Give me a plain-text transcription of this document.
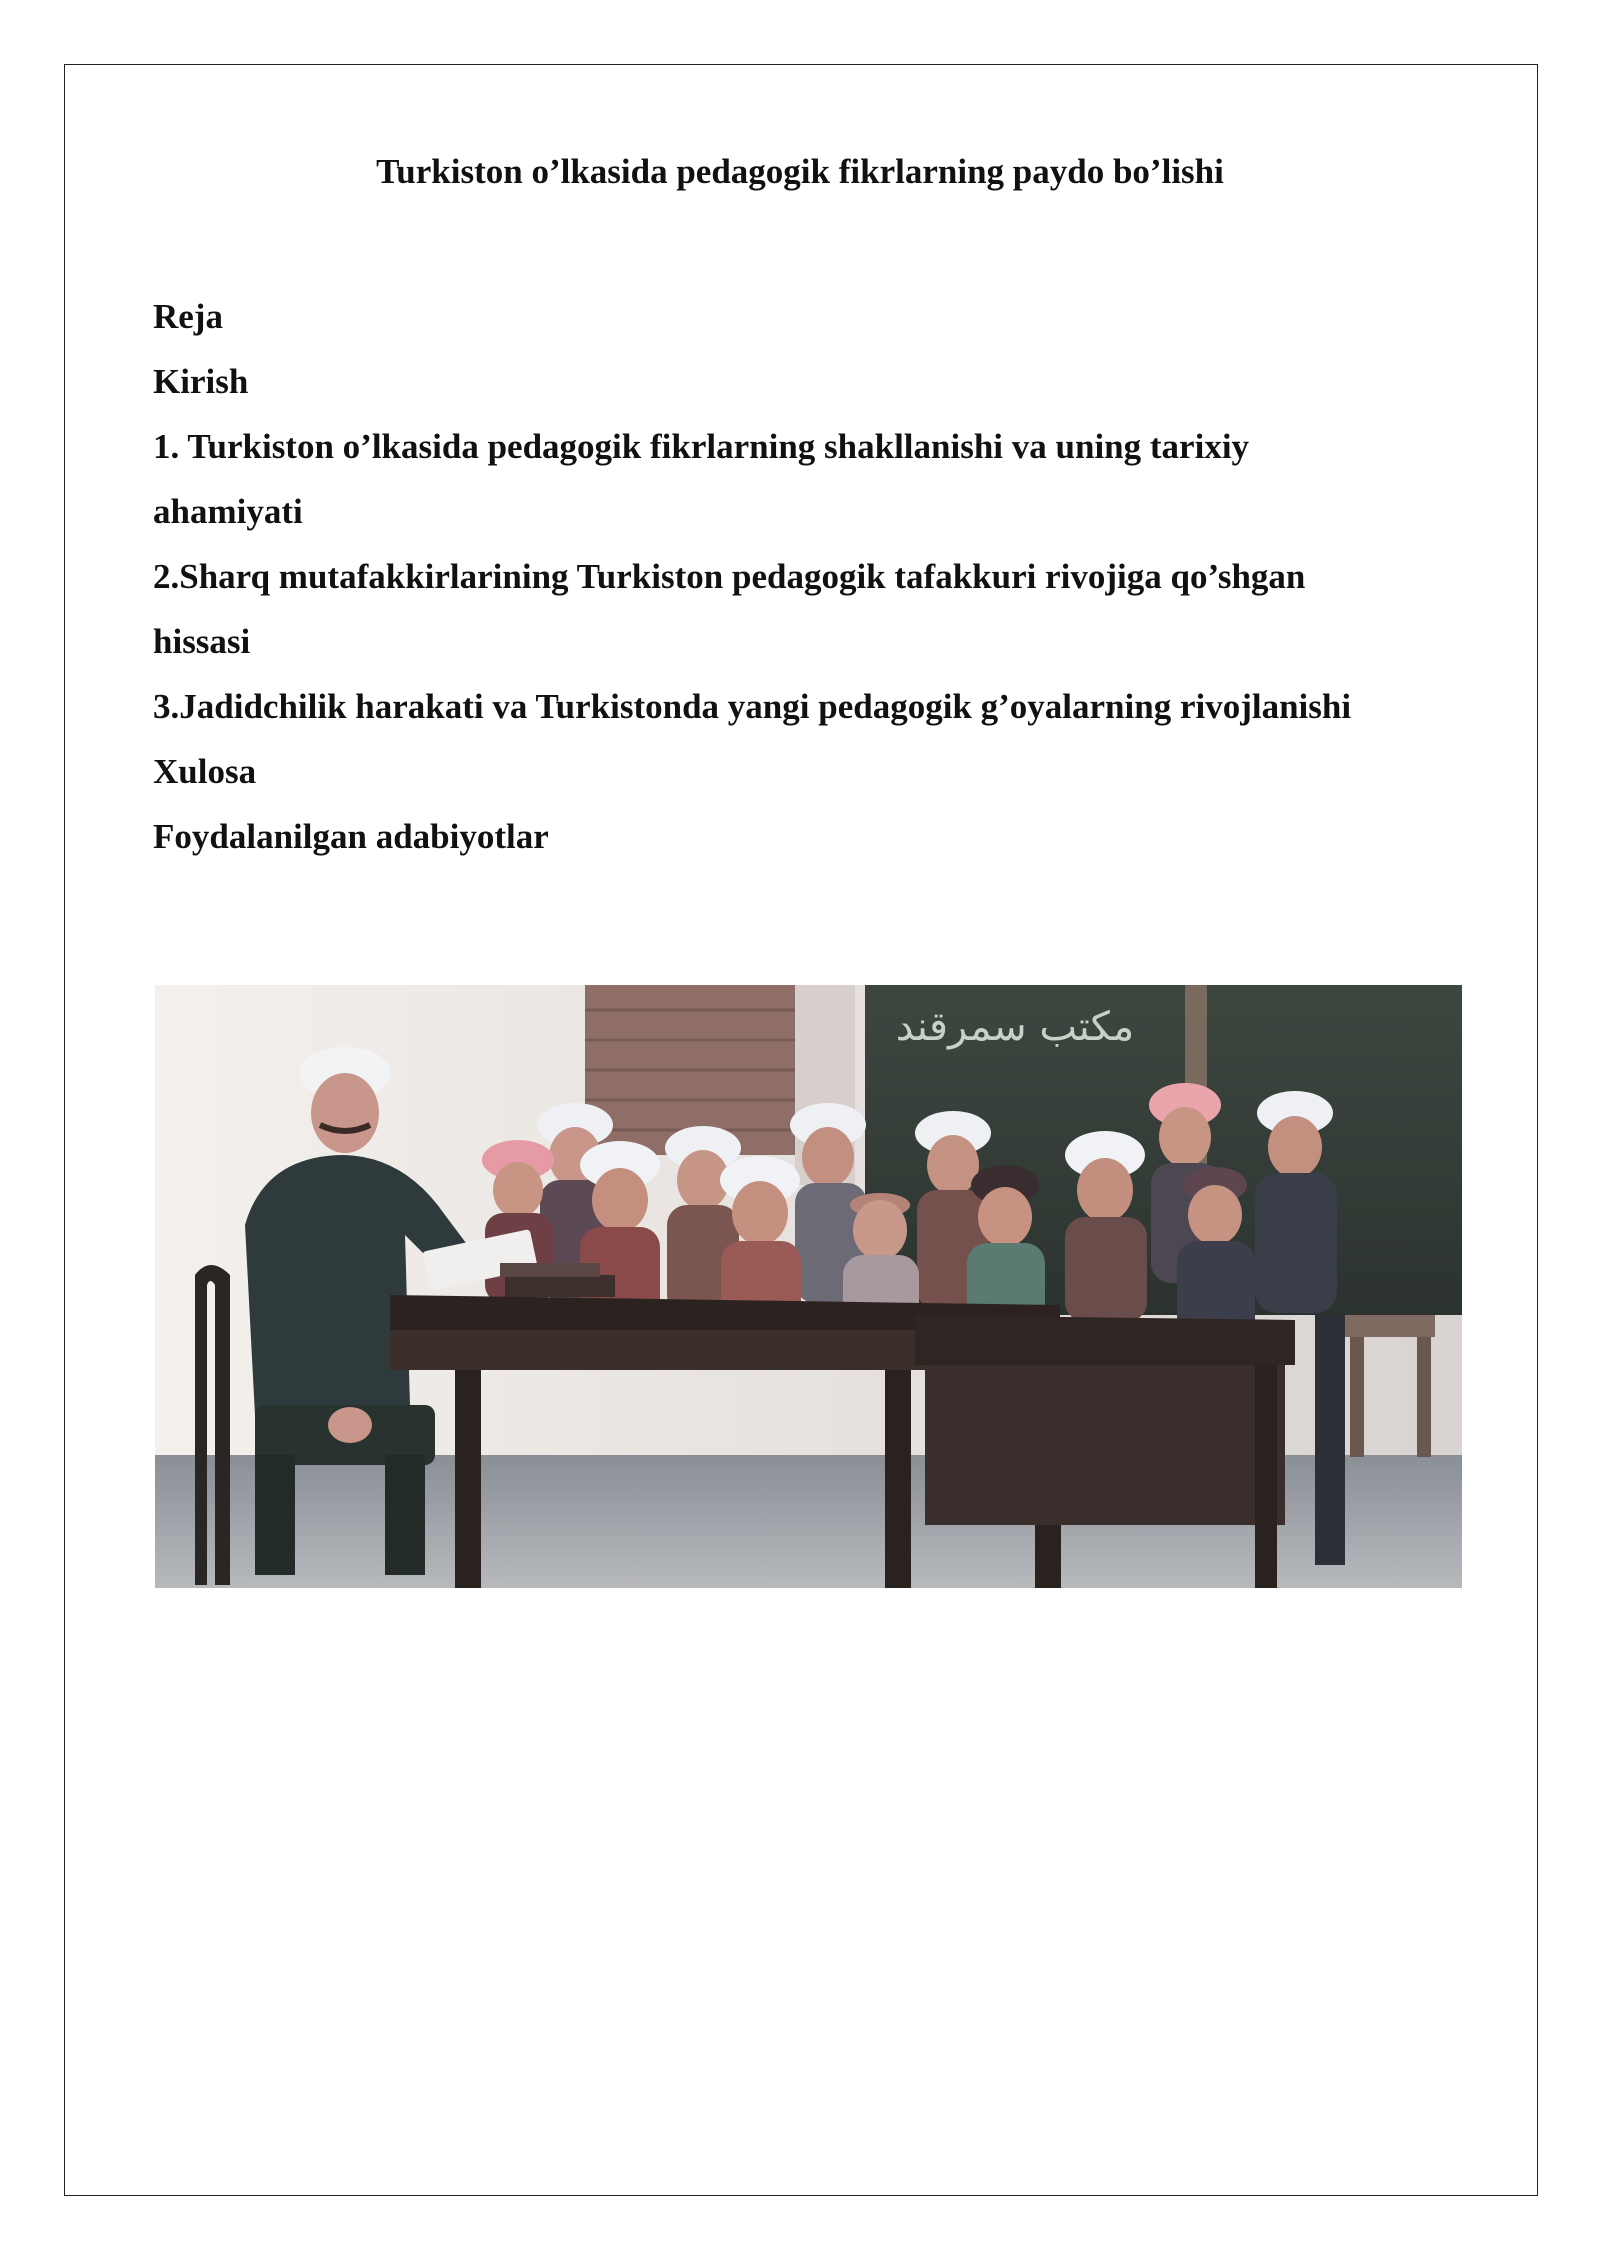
Turkiston o’lkasida pedagogik fikrlarning paydo bo’lishi
Reja
Kirish
1. Turkiston o’lkasida pedagogik fikrlarning shakllanishi va uning tarixiy
ahamiyati
2.Sharq mutafakkirlarining Turkiston pedagogik tafakkuri rivojiga qo’shgan
hissasi
3.Jadidchilik harakati va Turkistonda yangi pedagogik g’oyalarning rivojlanishi
Xulosa
Foydalanilgan adabiyotlar
مكتب سمرقند
